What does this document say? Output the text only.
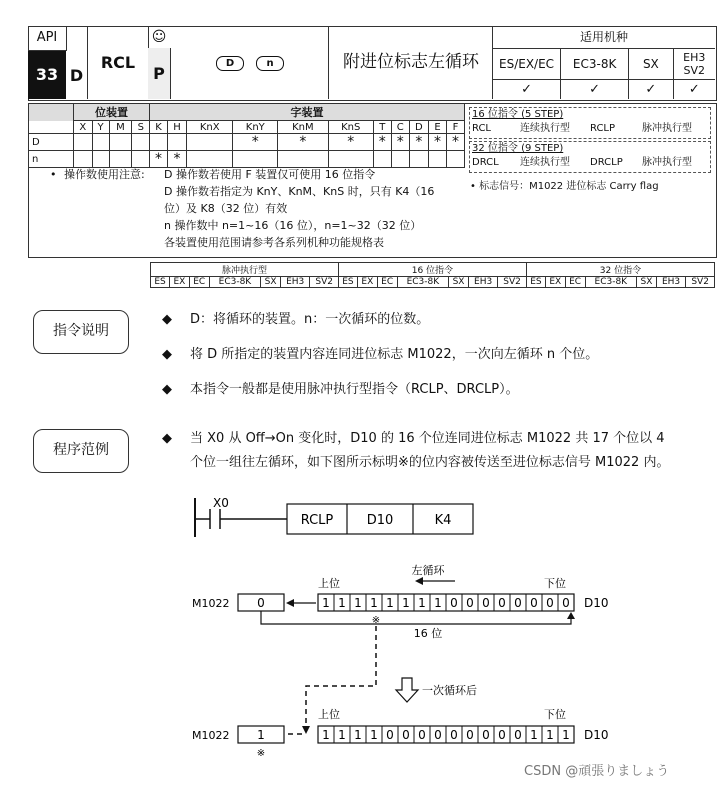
API
33 D
RCL
☺
P
D	n	附进位标志左循环
适用机种
ES/EX/EC	EC3-8K	SX	EH3
SV2
✓	✓	✓	✓
	位装置				字装置										
	X	Y	M	S	K	H	KnX	KnY	KnM	KnS	T	C	D	E	F
D								*	*	*	*	*	*	*	*
n					*	*									
• 操作数使用注意:	D 操作数若使用 F 装置仅可使用 16 位指令
D 操作数若指定为 KnY、KnM、KnS 时，只有 K4（16
位）及 K8（32 位）有效
n 操作数中 n=1~16（16 位），n=1~32（32 位）
各装置使用范围请参考各系列机种功能规格表
16 位指令 (5 STEP)
RCL	连续执行型	RCLP	脉冲执行型
32 位指令 (9 STEP)
DRCL	连续执行型	DRCLP	脉冲执行型
• 标志信号：M1022 进位标志 Carry flag
脉冲执行型							16 位指令							32 位指令						
ES	EX	EC	EC3-8K	SX	EH3	SV2	ES	EX	EC	EC3-8K	SX	EH3	SV2	ES	EX	EC	EC3-8K	SX	EH3	SV2
指令说明
程序范例
◆ D：将循环的装置。n：一次循环的位数。
◆ 将 D 所指定的装置内容连同进位标志 M1022，一次向左循环 n 个位。
◆ 本指令一般都是使用脉冲执行型指令（RCLP、DRCLP）。
◆ 当 X0 从 Off→On 变化时，D10 的 16 个位连同进位标志 M1022 共 17 个位以 4
个位一组往左循环，如下图所示标明※的位内容被传送至进位标志信号 M1022 内。
X0
RCLP	D10	K4
左循环
上位	下位
M1022 0	1 1 1 1 1 1 1 1 0 0 0 0 0 0 0 0 D10
※
16 位
一次循环后
上位	下位
M1022 1
※
1 1 1 1 0 0 0 0 0 0 0 0 0 1 1 1 D10
CSDN @頑張りましょう
